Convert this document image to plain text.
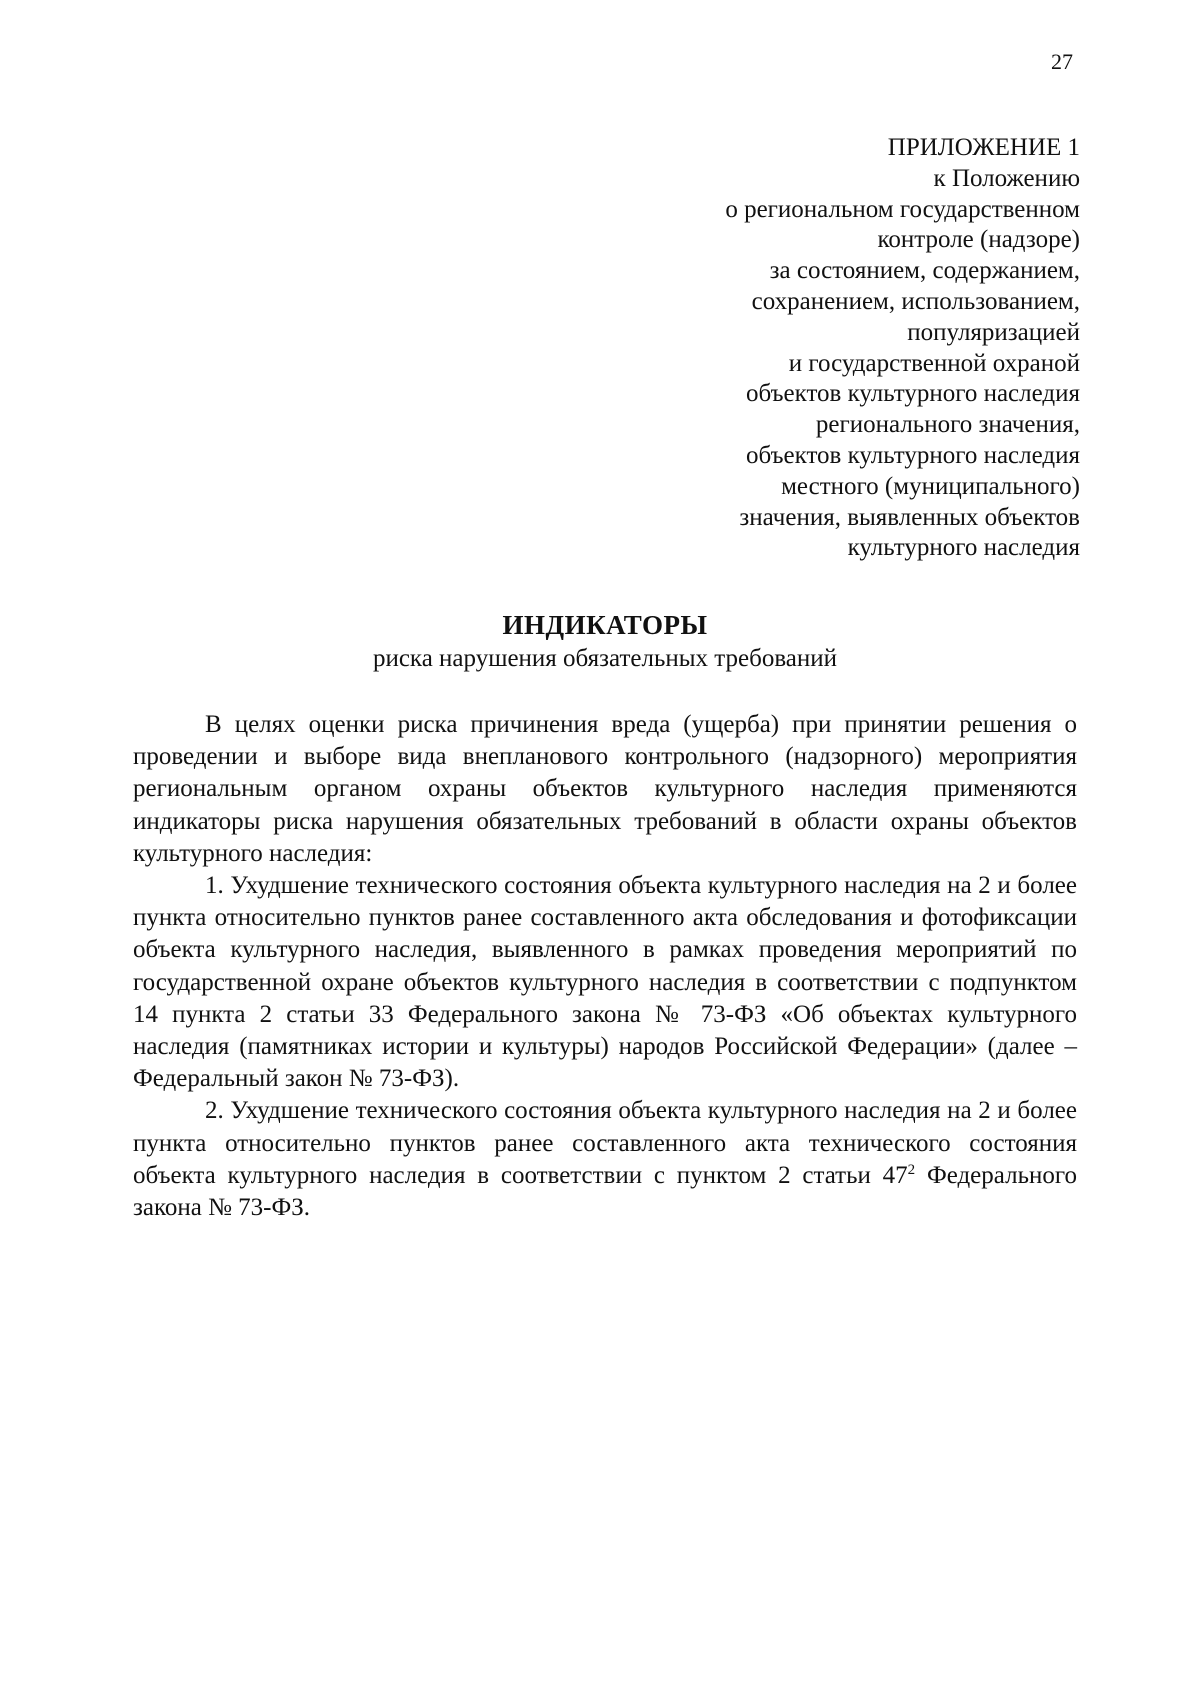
27
ПРИЛОЖЕНИЕ 1
к Положению
о региональном государственном
контроле (надзоре)
за состоянием, содержанием,
сохранением, использованием,
популяризацией
и государственной охраной
объектов культурного наследия
регионального значения,
объектов культурного наследия
местного (муниципального)
значения, выявленных объектов
культурного наследия
ИНДИКАТОРЫ
риска нарушения обязательных требований

В целях оценки риска причинения вреда (ущерба) при принятии решения о проведении и выборе вида внепланового контрольного (надзорного) мероприятия региональным органом охраны объектов культурного наследия применяются индикаторы риска нарушения обязательных требований в области охраны объектов культурного наследия:

1. Ухудшение технического состояния объекта культурного наследия на 2 и более пункта относительно пунктов ранее составленного акта обследования и фотофиксации объекта культурного наследия, выявленного в рамках проведения мероприятий по государственной охране объектов культурного наследия в соответствии с подпунктом 14 пункта 2 статьи 33 Федерального закона № 73-ФЗ «Об объектах культурного наследия (памятниках истории и культуры) народов Российской Федерации» (далее – Федеральный закон № 73-ФЗ).

2. Ухудшение технического состояния объекта культурного наследия на 2 и более пункта относительно пунктов ранее составленного акта технического состояния объекта культурного наследия в соответствии с пунктом 2 статьи $47^2$ Федерального закона № 73-ФЗ.
